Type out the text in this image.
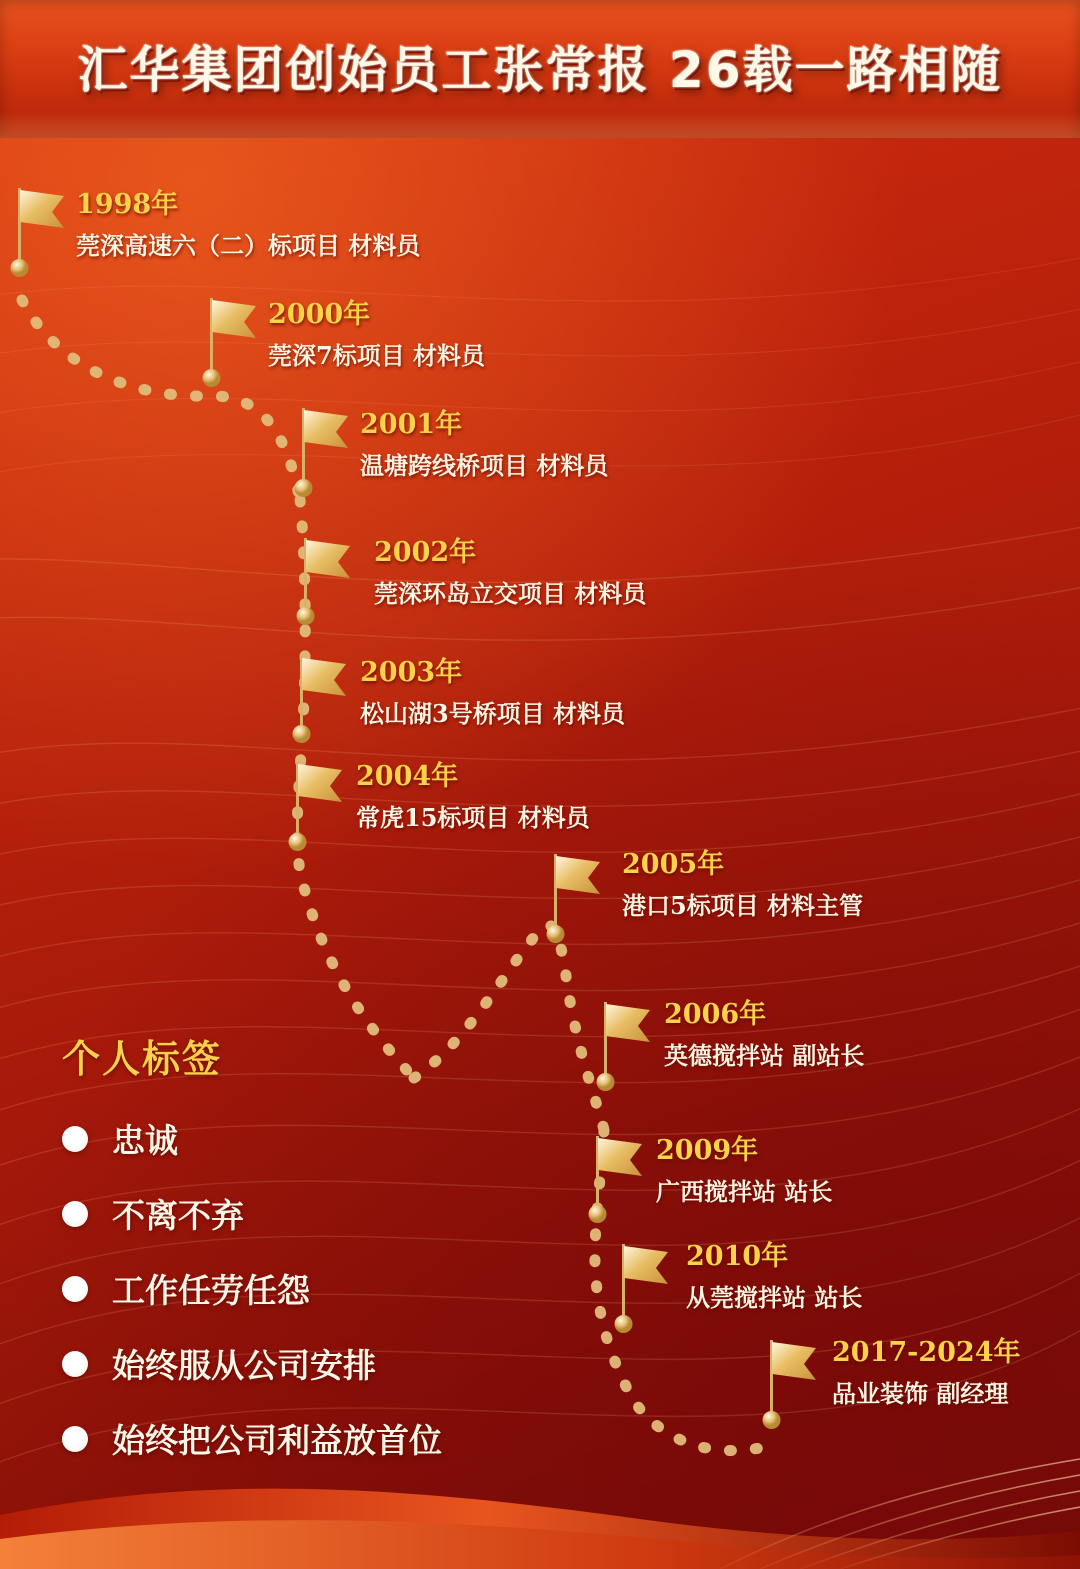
汇华集团创始员工张常报 26载一路相随
1998年
莞深高速六（二）标项目 材料员
2000年
莞深7标项目 材料员
2001年
温塘跨线桥项目 材料员
2002年
莞深环岛立交项目 材料员
2003年
松山湖3号桥项目 材料员
2004年
常虎15标项目 材料员
2005年
港口5标项目 材料主管
2006年
英德搅拌站 副站长
2009年
广西搅拌站 站长
2010年
从莞搅拌站 站长
2017-2024年
品业装饰 副经理
个人标签
忠诚
不离不弃
工作任劳任怨
始终服从公司安排
始终把公司利益放首位
